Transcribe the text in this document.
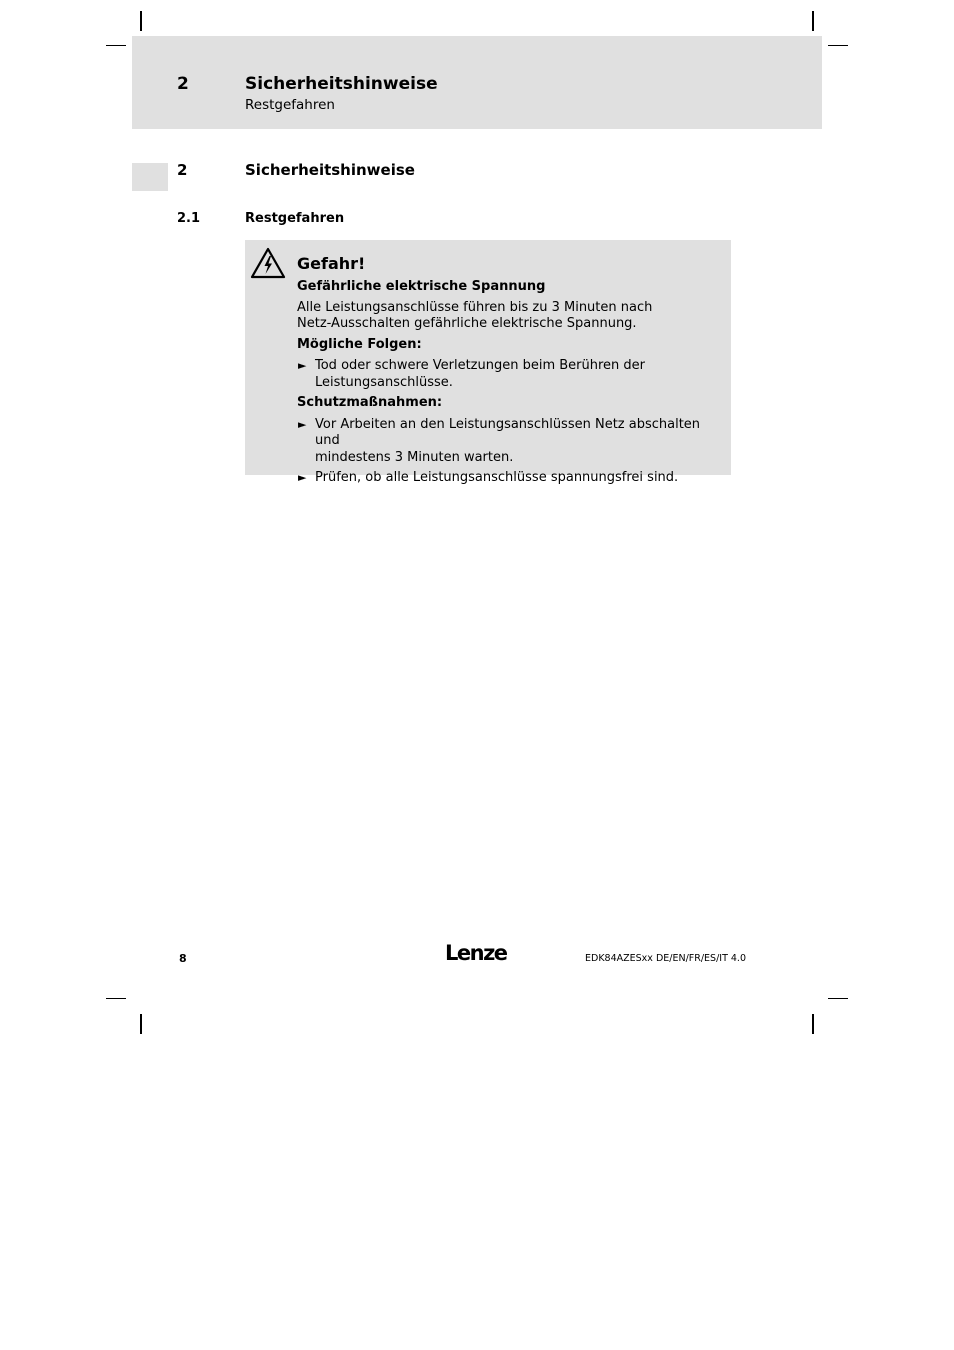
2	Sicherheitshinweise
Restgefahren
2	Sicherheitshinweise
2.1	Restgefahren
Gefahr!
Gefährliche elektrische Spannung
Alle Leistungsanschlüsse führen bis zu 3 Minuten nach
Netz-Ausschalten gefährliche elektrische Spannung.
Mögliche Folgen:
► Tod oder schwere Verletzungen beim Berühren der
Leistungsanschlüsse.
Schutzmaßnahmen:
► Vor Arbeiten an den Leistungsanschlüssen Netz abschalten und
mindestens 3 Minuten warten.
► Prüfen, ob alle Leistungsanschlüsse spannungsfrei sind.
8	Lenze	EDK84AZESxx DE/EN/FR/ES/IT 4.0
